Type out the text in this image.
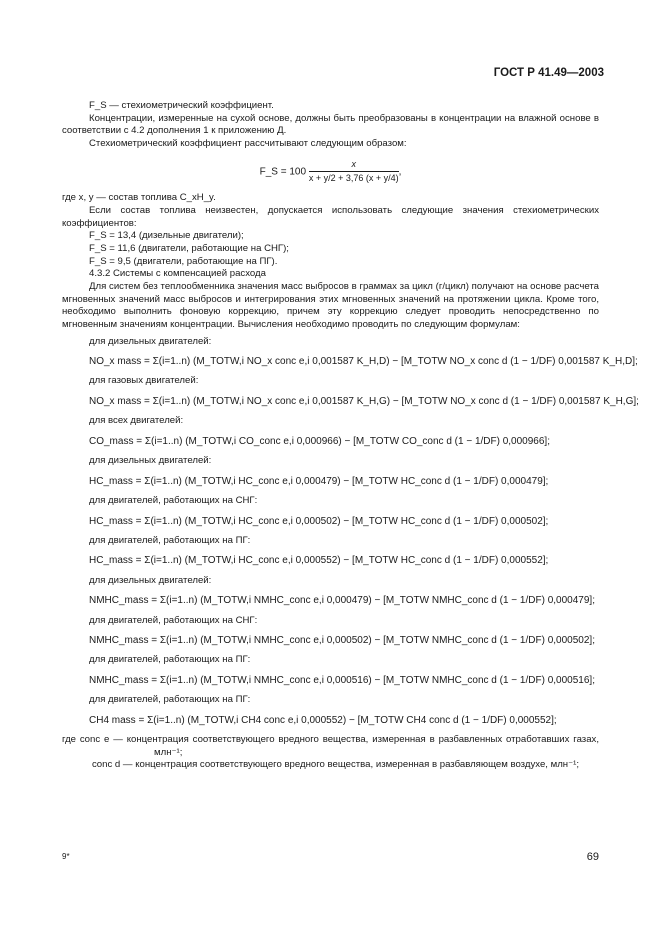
ГОСТ Р 41.49—2003

F_S — стехиометрический коэффициент.

Концентрации, измеренные на сухой основе, должны быть преобразованы в концентрации на влажной основе в соответствии с 4.2 дополнения 1 к приложению Д.

Стехиометрический коэффициент рассчитывают следующим образом:

F_S = $100 \frac{x}{x + y/2 + 3,76 (x + y/4)}$ ,

где x, y — состав топлива C_xH_y.

Если состав топлива неизвестен, допускается использовать следующие значения стехиометрических коэффициентов:

F_S = 13,4 (дизельные двигатели);

F_S = 11,6 (двигатели, работающие на СНГ);

F_S = 9,5 (двигатели, работающие на ПГ).

4.3.2 Системы с компенсацией расхода

Для систем без теплообменника значения масс выбросов в граммах за цикл (г/цикл) получают на основе расчета мгновенных значений масс выбросов и интегрирования этих мгновенных значений на протяжении цикла. Кроме того, необходимо выполнить фоновую коррекцию, причем эту коррекцию следует проводить непосредственно по мгновенным значениям концентрации. Вычисления необходимо проводить по следующим формулам:

для дизельных двигателей:

NO_x mass = Σ(i=1..n) (M_TOTW,i NO_x conc e,i 0,001587 K_H,D) − [M_TOTW NO_x conc d (1 − 1/DF) 0,001587 K_H,D];

для газовых двигателей:

NO_x mass = Σ(i=1..n) (M_TOTW,i NO_x conc e,i 0,001587 K_H,G) − [M_TOTW NO_x conc d (1 − 1/DF) 0,001587 K_H,G];

для всех двигателей:

CO_mass = Σ(i=1..n) (M_TOTW,i CO_conc e,i 0,000966) − [M_TOTW CO_conc d (1 − 1/DF) 0,000966];

для дизельных двигателей:

HC_mass = Σ(i=1..n) (M_TOTW,i HC_conc e,i 0,000479) − [M_TOTW HC_conc d (1 − 1/DF) 0,000479];

для двигателей, работающих на СНГ:

HC_mass = Σ(i=1..n) (M_TOTW,i HC_conc e,i 0,000502) − [M_TOTW HC_conc d (1 − 1/DF) 0,000502];

для двигателей, работающих на ПГ:

HC_mass = Σ(i=1..n) (M_TOTW,i HC_conc e,i 0,000552) − [M_TOTW HC_conc d (1 − 1/DF) 0,000552];

для дизельных двигателей:

NMHC_mass = Σ(i=1..n) (M_TOTW,i NMHC_conc e,i 0,000479) − [M_TOTW NMHC_conc d (1 − 1/DF) 0,000479];

для двигателей, работающих на СНГ:

NMHC_mass = Σ(i=1..n) (M_TOTW,i NMHC_conc e,i 0,000502) − [M_TOTW NMHC_conc d (1 − 1/DF) 0,000502];

для двигателей, работающих на ПГ:

NMHC_mass = Σ(i=1..n) (M_TOTW,i NMHC_conc e,i 0,000516) − [M_TOTW NMHC_conc d (1 − 1/DF) 0,000516];

для двигателей, работающих на ПГ:

CH4 mass = Σ(i=1..n) (M_TOTW,i CH4 conc e,i 0,000552) − [M_TOTW CH4 conc d (1 − 1/DF) 0,000552];

где conc e — концентрация соответствующего вредного вещества, измеренная в разбавленных отработавших газах, млн⁻¹;

conc d — концентрация соответствующего вредного вещества, измеренная в разбавляющем воздухе, млн⁻¹;

9*	69
